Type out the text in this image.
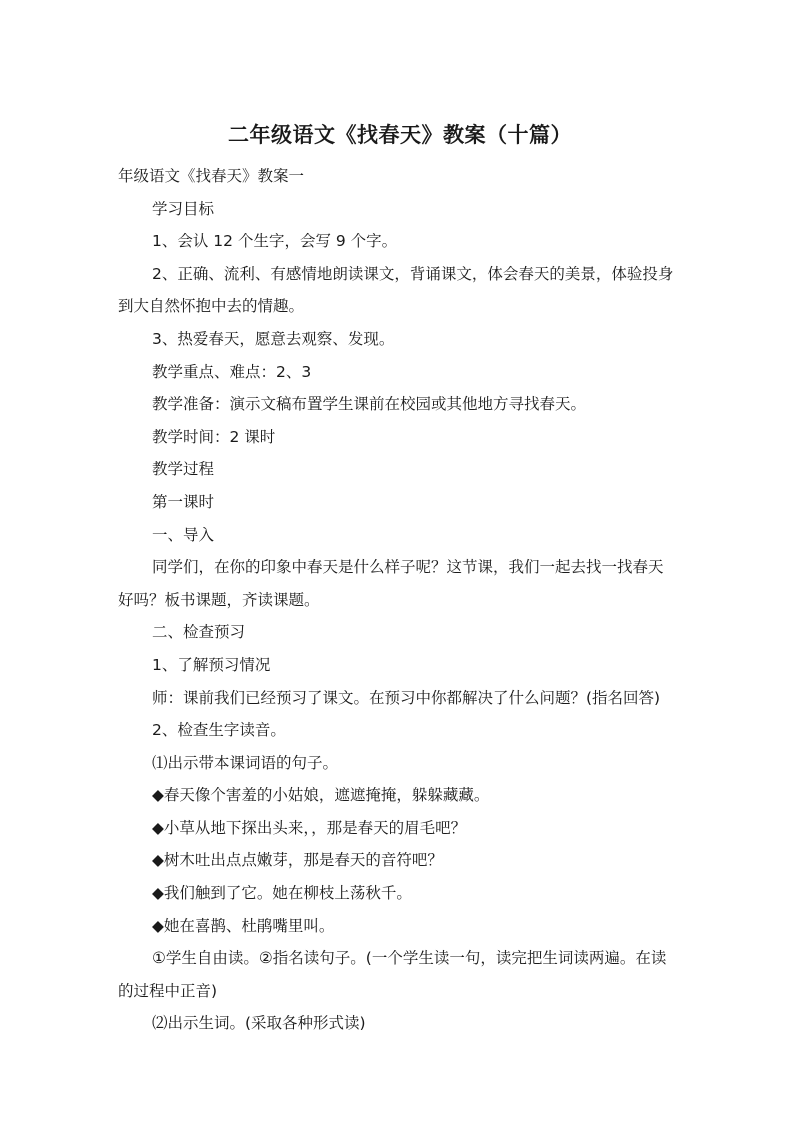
二年级语文《找春天》教案（十篇）

年级语文《找春天》教案一

学习目标

1、会认 12 个生字，会写 9 个字。

2、正确、流利、有感情地朗读课文，背诵课文，体会春天的美景，体验投身到大自然怀抱中去的情趣。

3、热爱春天，愿意去观察、发现。

教学重点、难点：2、3

教学准备：演示文稿布置学生课前在校园或其他地方寻找春天。

教学时间：2 课时

教学过程

第一课时

一、导入

同学们，在你的印象中春天是什么样子呢？这节课，我们一起去找一找春天好吗？板书课题，齐读课题。

二、检查预习

1、了解预习情况

师：课前我们已经预习了课文。在预习中你都解决了什么问题？(指名回答)

2、检查生字读音。

⑴出示带本课词语的句子。

◆春天像个害羞的小姑娘，遮遮掩掩，躲躲藏藏。

◆小草从地下探出头来，，那是春天的眉毛吧？

◆树木吐出点点嫩芽，那是春天的音符吧？

◆我们触到了它。她在柳枝上荡秋千。

◆她在喜鹊、杜鹃嘴里叫。

①学生自由读。②指名读句子。(一个学生读一句，读完把生词读两遍。在读的过程中正音)

⑵出示生词。(采取各种形式读)
